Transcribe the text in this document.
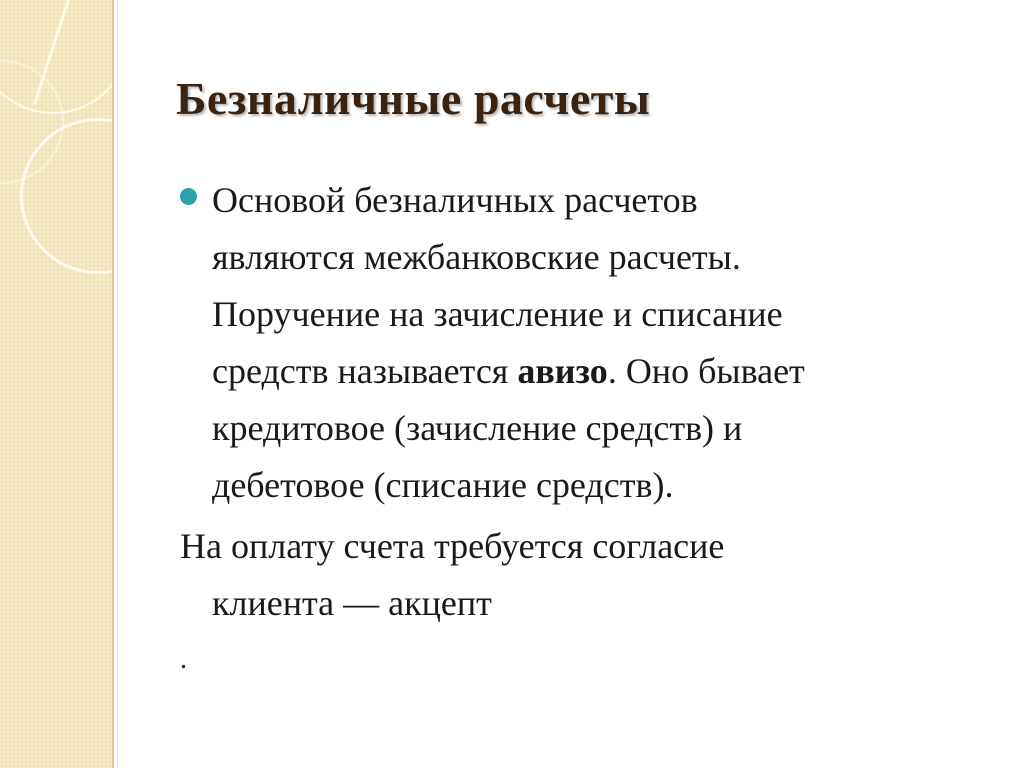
Безналичные расчеты

Основой безналичных расчетов
являются межбанковские расчеты.
Поручение на зачисление и списание
средств называется авизо. Оно бывает
кредитовое (зачисление средств) и
дебетовое (списание средств).

На оплату счета требуется согласие
клиента — акцепт

.
